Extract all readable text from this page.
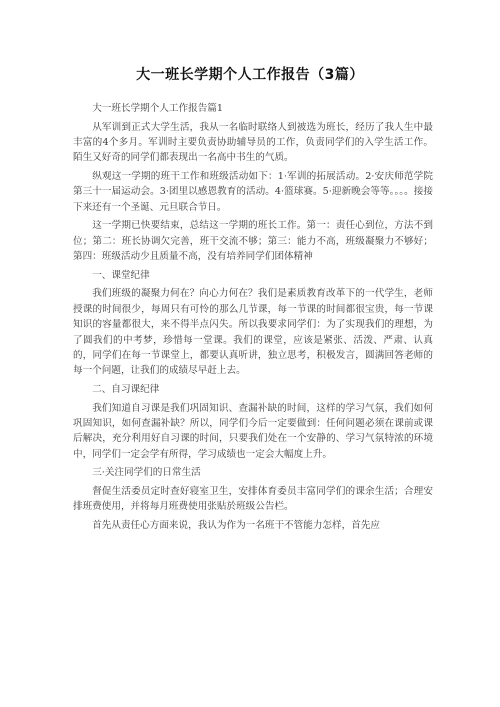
大一班长学期个人工作报告（3篇）

大一班长学期个人工作报告篇1

从军训到正式大学生活，我从一名临时联络人到被选为班长，经历了我人生中最丰富的4个多月。军训时主要负责协助辅导员的工作，负责同学们的入学生活工作。陌生又好奇的同学们都表现出一名高中书生的气质。

纵观这一学期的班干工作和班级活动如下：1·军训的拓展活动。2·安庆师范学院第三十一届运动会。3·团里以感恩教育的活动。4·篮球赛。5·迎新晚会等等。。。。接接下来还有一个圣诞、元旦联合节日。

这一学期已快要结束，总结这一学期的班长工作。第一：责任心到位，方法不到位；第二：班长协调欠完善，班干交流不够；第三：能力不高，班级凝聚力不够好；第四：班级活动少且质量不高，没有培养同学们团体精神

一、课堂纪律

我们班级的凝聚力何在？向心力何在？我们是素质教育改革下的一代学生，老师授课的时间很少，每周只有可怜的那么几节课，每一节课的时间都很宝贵，每一节课知识的容量都很大，来不得半点闪失。所以我要求同学们：为了实现我们的理想，为了圆我们的中考梦，珍惜每一堂课。我们的课堂，应该是紧张、活泼、严肃、认真的，同学们在每一节课堂上，都要认真听讲，独立思考，积极发言，圆满回答老师的每一个问题，让我们的成绩尽早赶上去。

二、自习课纪律

我们知道自习课是我们巩固知识、查漏补缺的时间，这样的学习气氛，我们如何巩固知识，如何查漏补缺？所以，同学们今后一定要做到：任何问题必须在课前或课后解决，充分利用好自习课的时间，只要我们处在一个安静的、学习气氛特浓的环境中，同学们一定会学有所得，学习成绩也一定会大幅度上升。

三·关注同学们的日常生活

督促生活委员定时查好寝室卫生，安排体育委员丰富同学们的课余生活；合理安排班费使用，并将每月班费使用张贴於班级公告栏。

首先从责任心方面来说，我认为作为一名班干不管能力怎样，首先应
